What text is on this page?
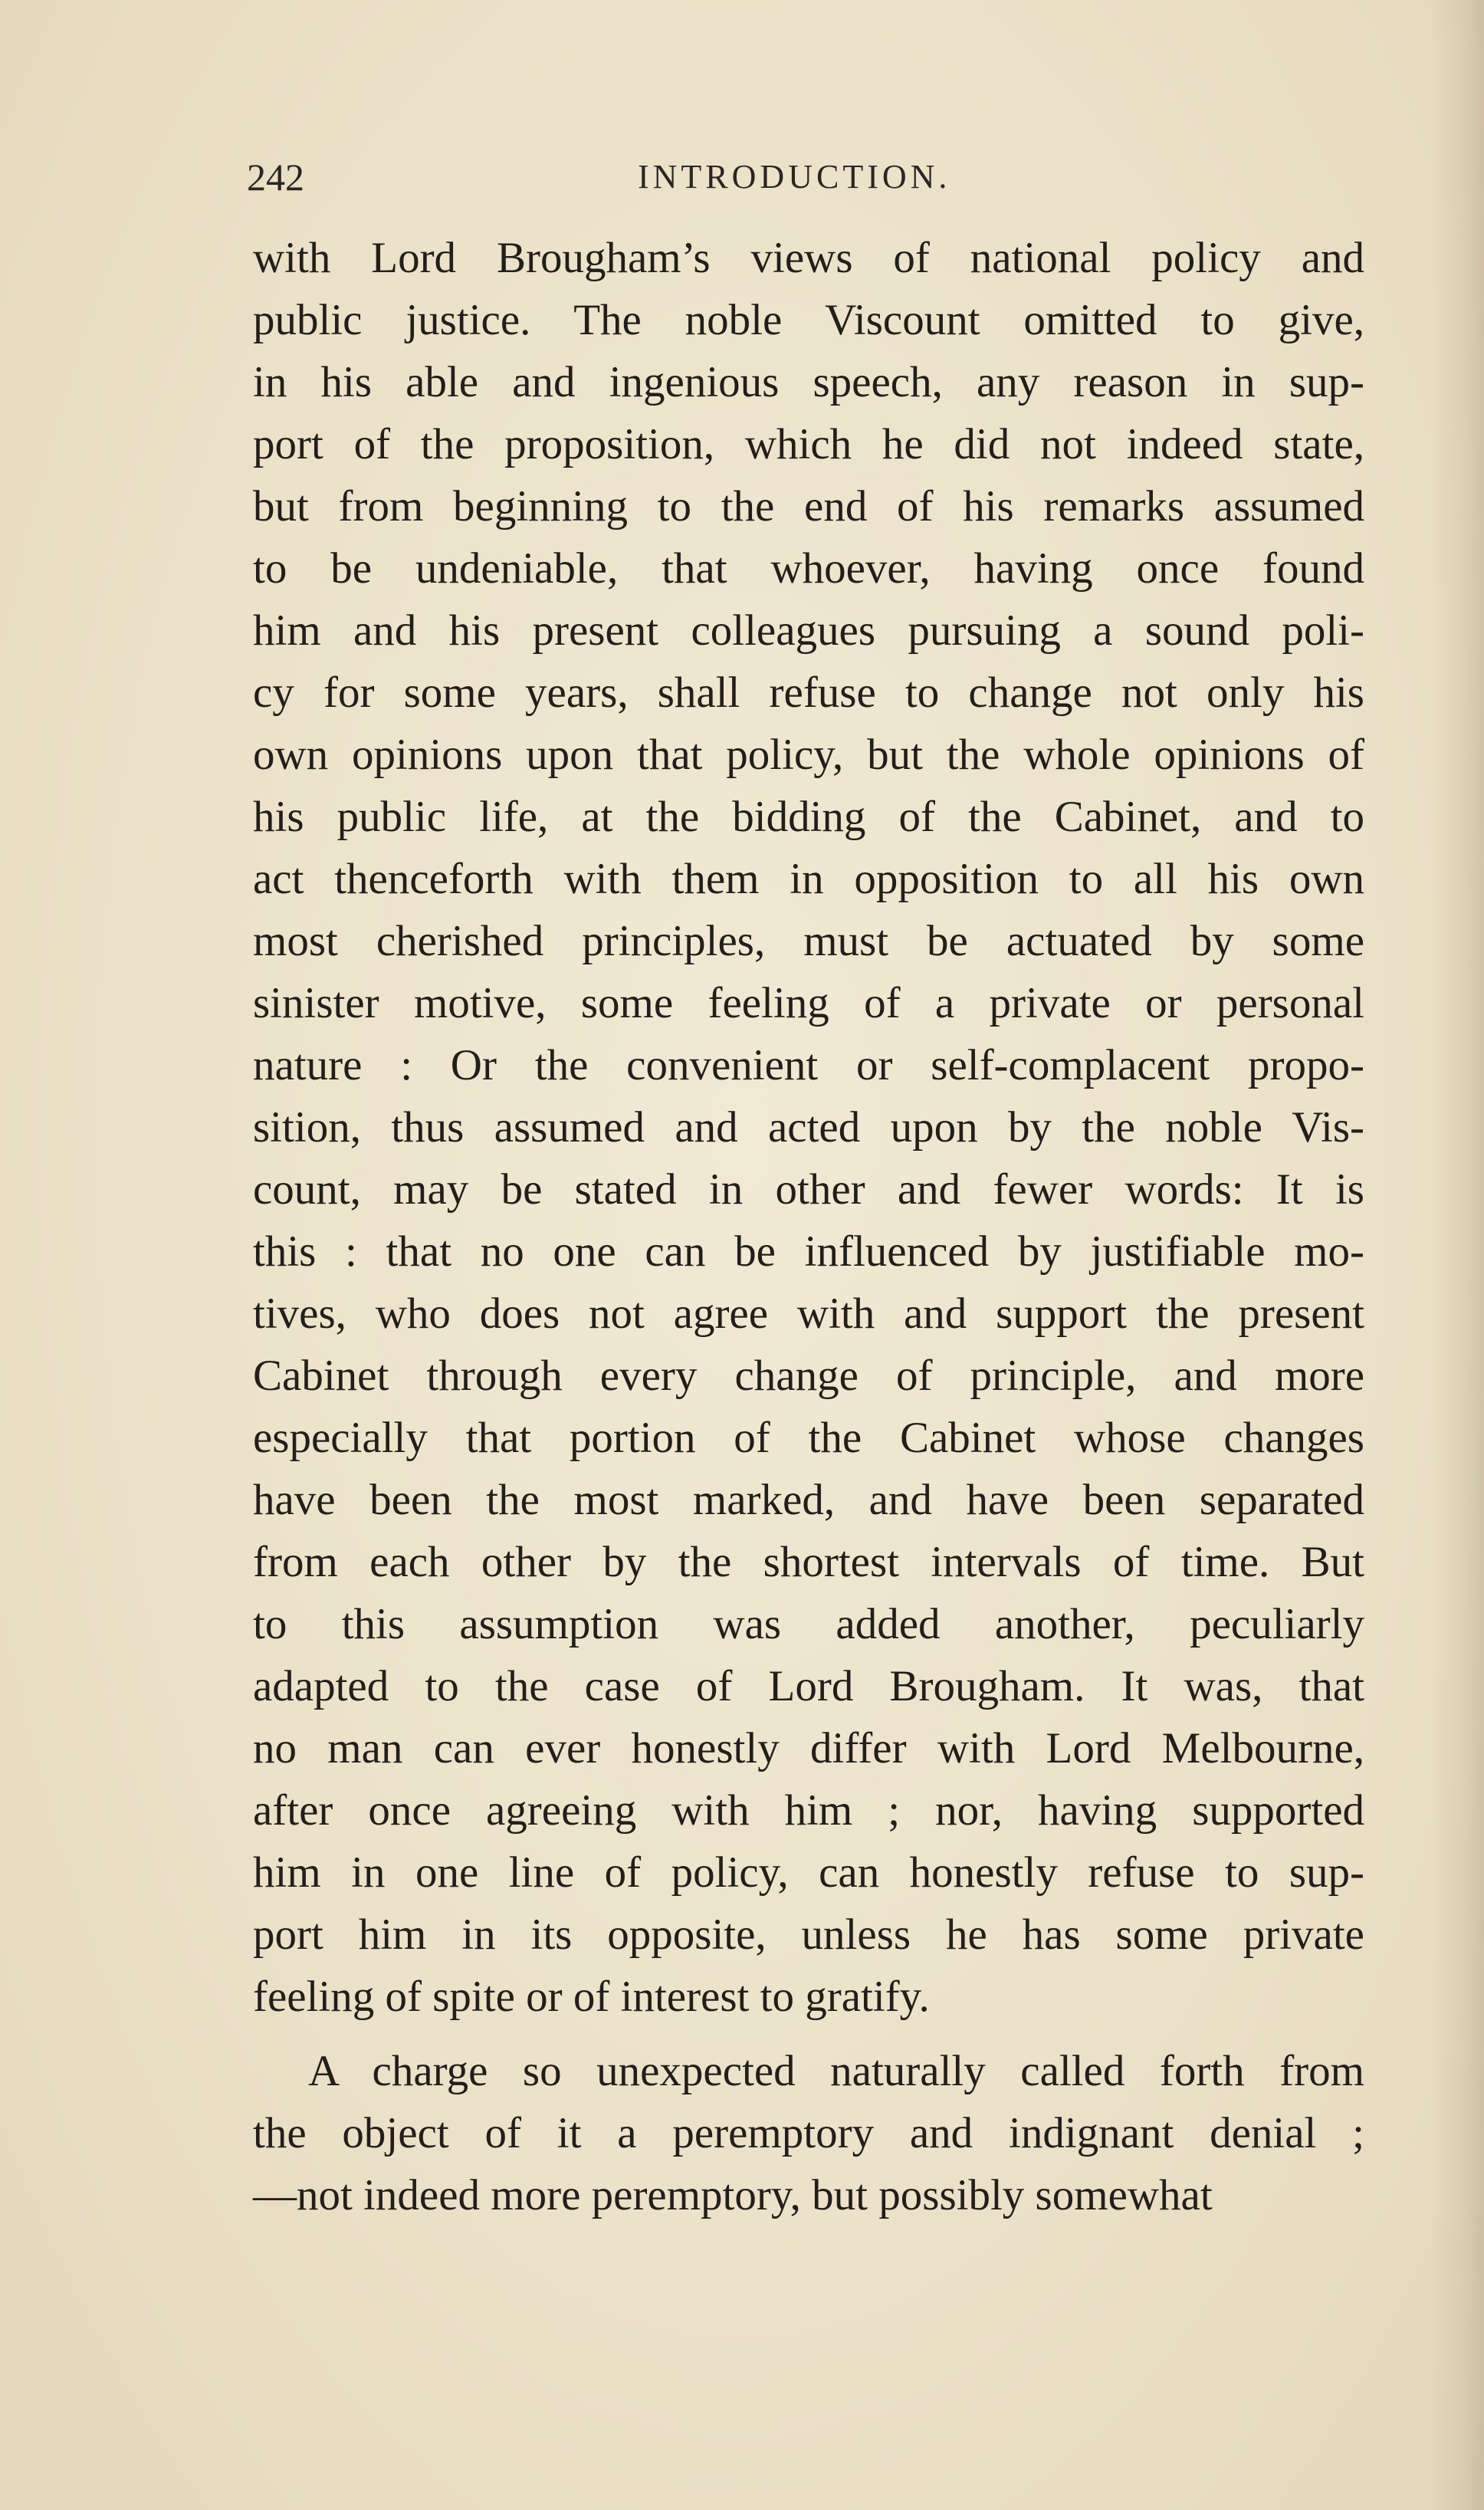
242	INTRODUCTION.
with Lord Brougham’s views of national policy and
public justice. The noble Viscount omitted to give,
in his able and ingenious speech, any reason in sup-
port of the proposition, which he did not indeed state,
but from beginning to the end of his remarks assumed
to be undeniable, that whoever, having once found
him and his present colleagues pursuing a sound poli-
cy for some years, shall refuse to change not only his
own opinions upon that policy, but the whole opinions of
his public life, at the bidding of the Cabinet, and to
act thenceforth with them in opposition to all his own
most cherished principles, must be actuated by some
sinister motive, some feeling of a private or personal
nature : Or the convenient or self-complacent propo-
sition, thus assumed and acted upon by the noble Vis-
count, may be stated in other and fewer words: It is
this : that no one can be influenced by justifiable mo-
tives, who does not agree with and support the present
Cabinet through every change of principle, and more
especially that portion of the Cabinet whose changes
have been the most marked, and have been separated
from each other by the shortest intervals of time. But
to this assumption was added another, peculiarly
adapted to the case of Lord Brougham. It was, that
no man can ever honestly differ with Lord Melbourne,
after once agreeing with him ; nor, having supported
him in one line of policy, can honestly refuse to sup-
port him in its opposite, unless he has some private
feeling of spite or of interest to gratify.
A charge so unexpected naturally called forth from
the object of it a peremptory and indignant denial ;
—not indeed more peremptory, but possibly somewhat
